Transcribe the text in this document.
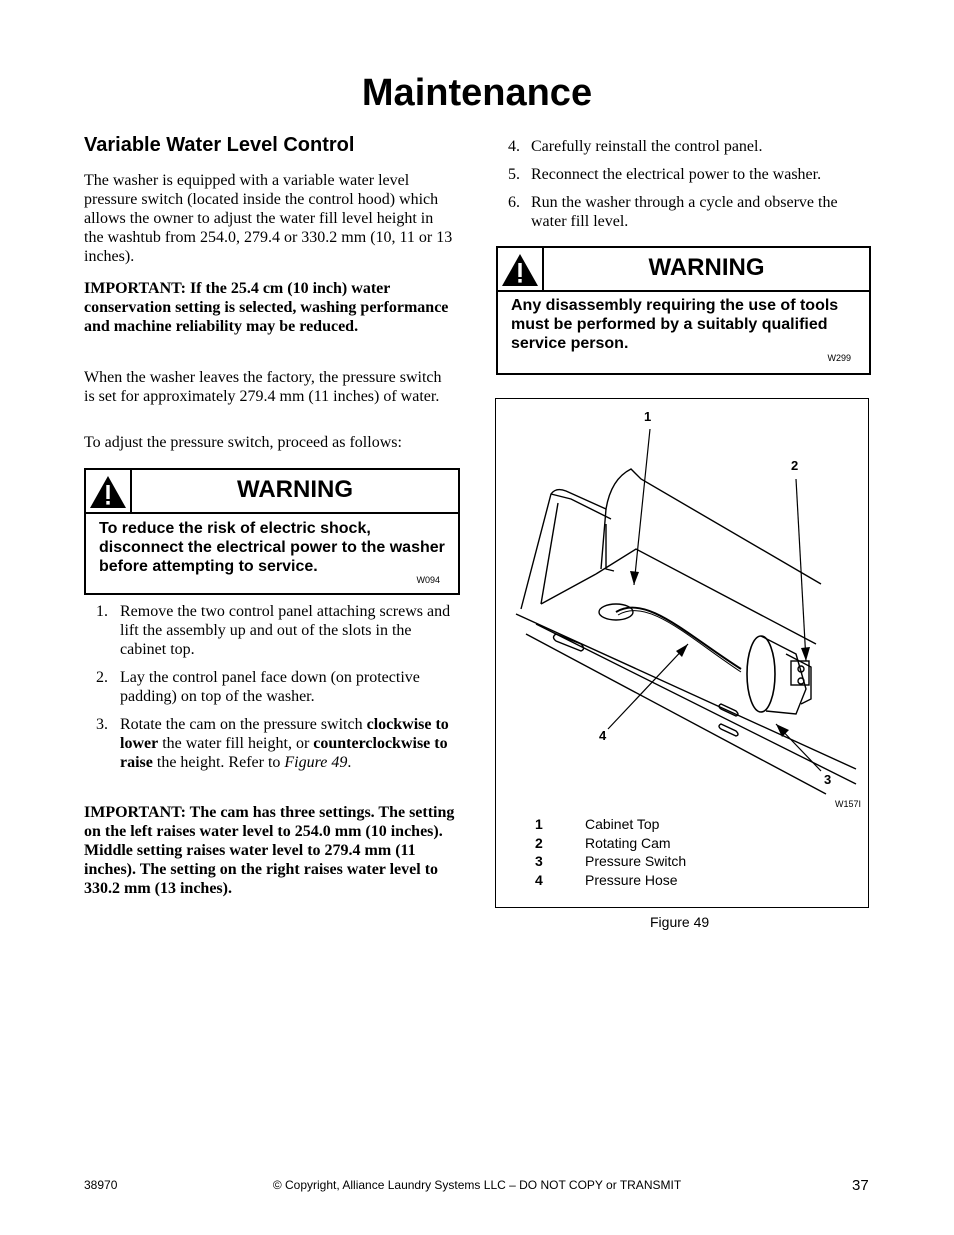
Maintenance
Variable Water Level Control

The washer is equipped with a variable water level pressure switch (located inside the control hood) which allows the owner to adjust the water fill level height in the washtub from 254.0, 279.4 or 330.2 mm (10, 11 or 13 inches).

IMPORTANT: If the 25.4 cm (10 inch) water conservation setting is selected, washing performance and machine reliability may be reduced.

When the washer leaves the factory, the pressure switch is set for approximately 279.4 mm (11 inches) of water.

To adjust the pressure switch, proceed as follows:

WARNING
To reduce the risk of electric shock, disconnect the electrical power to the washer before attempting to service.
W094
1. Remove the two control panel attaching screws and lift the assembly up and out of the slots in the cabinet top.
2. Lay the control panel face down (on protective padding) on top of the washer.
3. Rotate the cam on the pressure switch clockwise to lower the water fill height, or counterclockwise to raise the height. Refer to Figure 49.

IMPORTANT: The cam has three settings. The setting on the left raises water level to 254.0 mm (10 inches). Middle setting raises water level to 279.4 mm (11 inches). The setting on the right raises water level to 330.2 mm (13 inches).

4. Carefully reinstall the control panel.
5. Reconnect the electrical power to the washer.
6. Run the washer through a cycle and observe the water fill level.
WARNING
Any disassembly requiring the use of tools must be performed by a suitably qualified service person.
W299
1
2
3
4
W157I
1	Cabinet Top
2	Rotating Cam
3	Pressure Switch
4	Pressure Hose
Figure 49
38970	© Copyright, Alliance Laundry Systems LLC – DO NOT COPY or TRANSMIT	37
